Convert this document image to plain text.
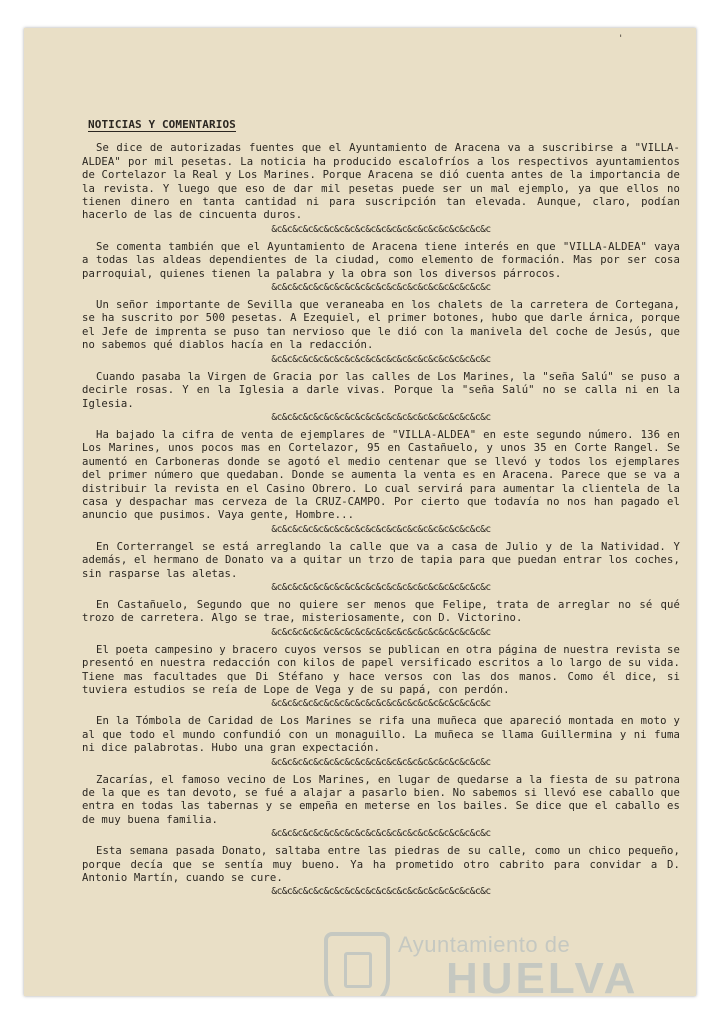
'
NOTICIAS Y COMENTARIOS

Se dice de autorizadas fuentes que el Ayuntamiento de Aracena va a suscribirse a "VILLA-ALDEA" por mil pesetas. La noticia ha producido escalofríos a los respectivos ayuntamientos de Cortelazor la Real y Los Marines. Porque Aracena se dió cuenta antes de la importancia de la revista. Y luego que eso de dar mil pesetas puede ser un mal ejemplo, ya que ellos no tienen dinero en tanta cantidad ni para suscripción tan elevada. Aunque, claro, podían hacerlo de las de cincuenta duros.

&c&c&c&c&c&c&c&c&c&c&c&c&c&c&c&c&c&c&c&c&c

Se comenta también que el Ayuntamiento de Aracena tiene interés en que "VILLA-ALDEA" vaya a todas las aldeas dependientes de la ciudad, como elemento de formación. Mas por ser cosa parroquial, quienes tienen la palabra y la obra son los diversos párrocos.

&c&c&c&c&c&c&c&c&c&c&c&c&c&c&c&c&c&c&c&c&c

Un señor importante de Sevilla que veraneaba en los chalets de la carretera de Cortegana, se ha suscrito por 500 pesetas. A Ezequiel, el primer botones, hubo que darle árnica, porque el Jefe de imprenta se puso tan nervioso que le dió con la manivela del coche de Jesús, que no sabemos qué diablos hacía en la redacción.

&c&c&c&c&c&c&c&c&c&c&c&c&c&c&c&c&c&c&c&c&c

Cuando pasaba la Virgen de Gracia por las calles de Los Marines, la "seña Salú" se puso a decirle rosas. Y en la Iglesia a darle vivas. Porque la "seña Salú" no se calla ni en la Iglesia.

&c&c&c&c&c&c&c&c&c&c&c&c&c&c&c&c&c&c&c&c&c

Ha bajado la cifra de venta de ejemplares de "VILLA-ALDEA" en este segundo número. 136 en Los Marines, unos pocos mas en Cortelazor, 95 en Castañuelo, y unos 35 en Corte Rangel. Se aumentó en Carboneras donde se agotó el medio centenar que se llevó y todos los ejemplares del primer número que quedaban. Donde se aumenta la venta es en Aracena. Parece que se va a distribuir la revista en el Casino Obrero. Lo cual servirá para aumentar la clientela de la casa y despachar mas cerveza de la CRUZ-CAMPO. Por cierto que todavía no nos han pagado el anuncio que pusimos. Vaya gente, Hombre...

&c&c&c&c&c&c&c&c&c&c&c&c&c&c&c&c&c&c&c&c&c

En Corterrangel se está arreglando la calle que va a casa de Julio y de la Natividad. Y además, el hermano de Donato va a quitar un trzo de tapia para que puedan entrar los coches, sin rasparse las aletas.

&c&c&c&c&c&c&c&c&c&c&c&c&c&c&c&c&c&c&c&c&c

En Castañuelo, Segundo que no quiere ser menos que Felipe, trata de arreglar no sé qué trozo de carretera. Algo se trae, misteriosamente, con D. Victorino.

&c&c&c&c&c&c&c&c&c&c&c&c&c&c&c&c&c&c&c&c&c

El poeta campesino y bracero cuyos versos se publican en otra página de nuestra revista se presentó en nuestra redacción con kilos de papel versificado escritos a lo largo de su vida. Tiene mas facultades que Di Stéfano y hace versos con las dos manos. Como él dice, si tuviera estudios se reía de Lope de Vega y de su papá, con perdón.

&c&c&c&c&c&c&c&c&c&c&c&c&c&c&c&c&c&c&c&c&c

En la Tómbola de Caridad de Los Marines se rifa una muñeca que apareció montada en moto y al que todo el mundo confundió con un monaguillo. La muñeca se llama Guillermina y ni fuma ni dice palabrotas. Hubo una gran expectación.

&c&c&c&c&c&c&c&c&c&c&c&c&c&c&c&c&c&c&c&c&c

Zacarías, el famoso vecino de Los Marines, en lugar de quedarse a la fiesta de su patrona de la que es tan devoto, se fué a alajar a pasarlo bien. No sabemos si llevó ese caballo que entra en todas las tabernas y se empeña en meterse en los bailes. Se dice que el caballo es de muy buena familia.

&c&c&c&c&c&c&c&c&c&c&c&c&c&c&c&c&c&c&c&c&c

Esta semana pasada Donato, saltaba entre las piedras de su calle, como un chico pequeño, porque decía que se sentía muy bueno. Ya ha prometido otro cabrito para convidar a D. Antonio Martín, cuando se cure.

&c&c&c&c&c&c&c&c&c&c&c&c&c&c&c&c&c&c&c&c&c
Ayuntamiento de
HUELVA
